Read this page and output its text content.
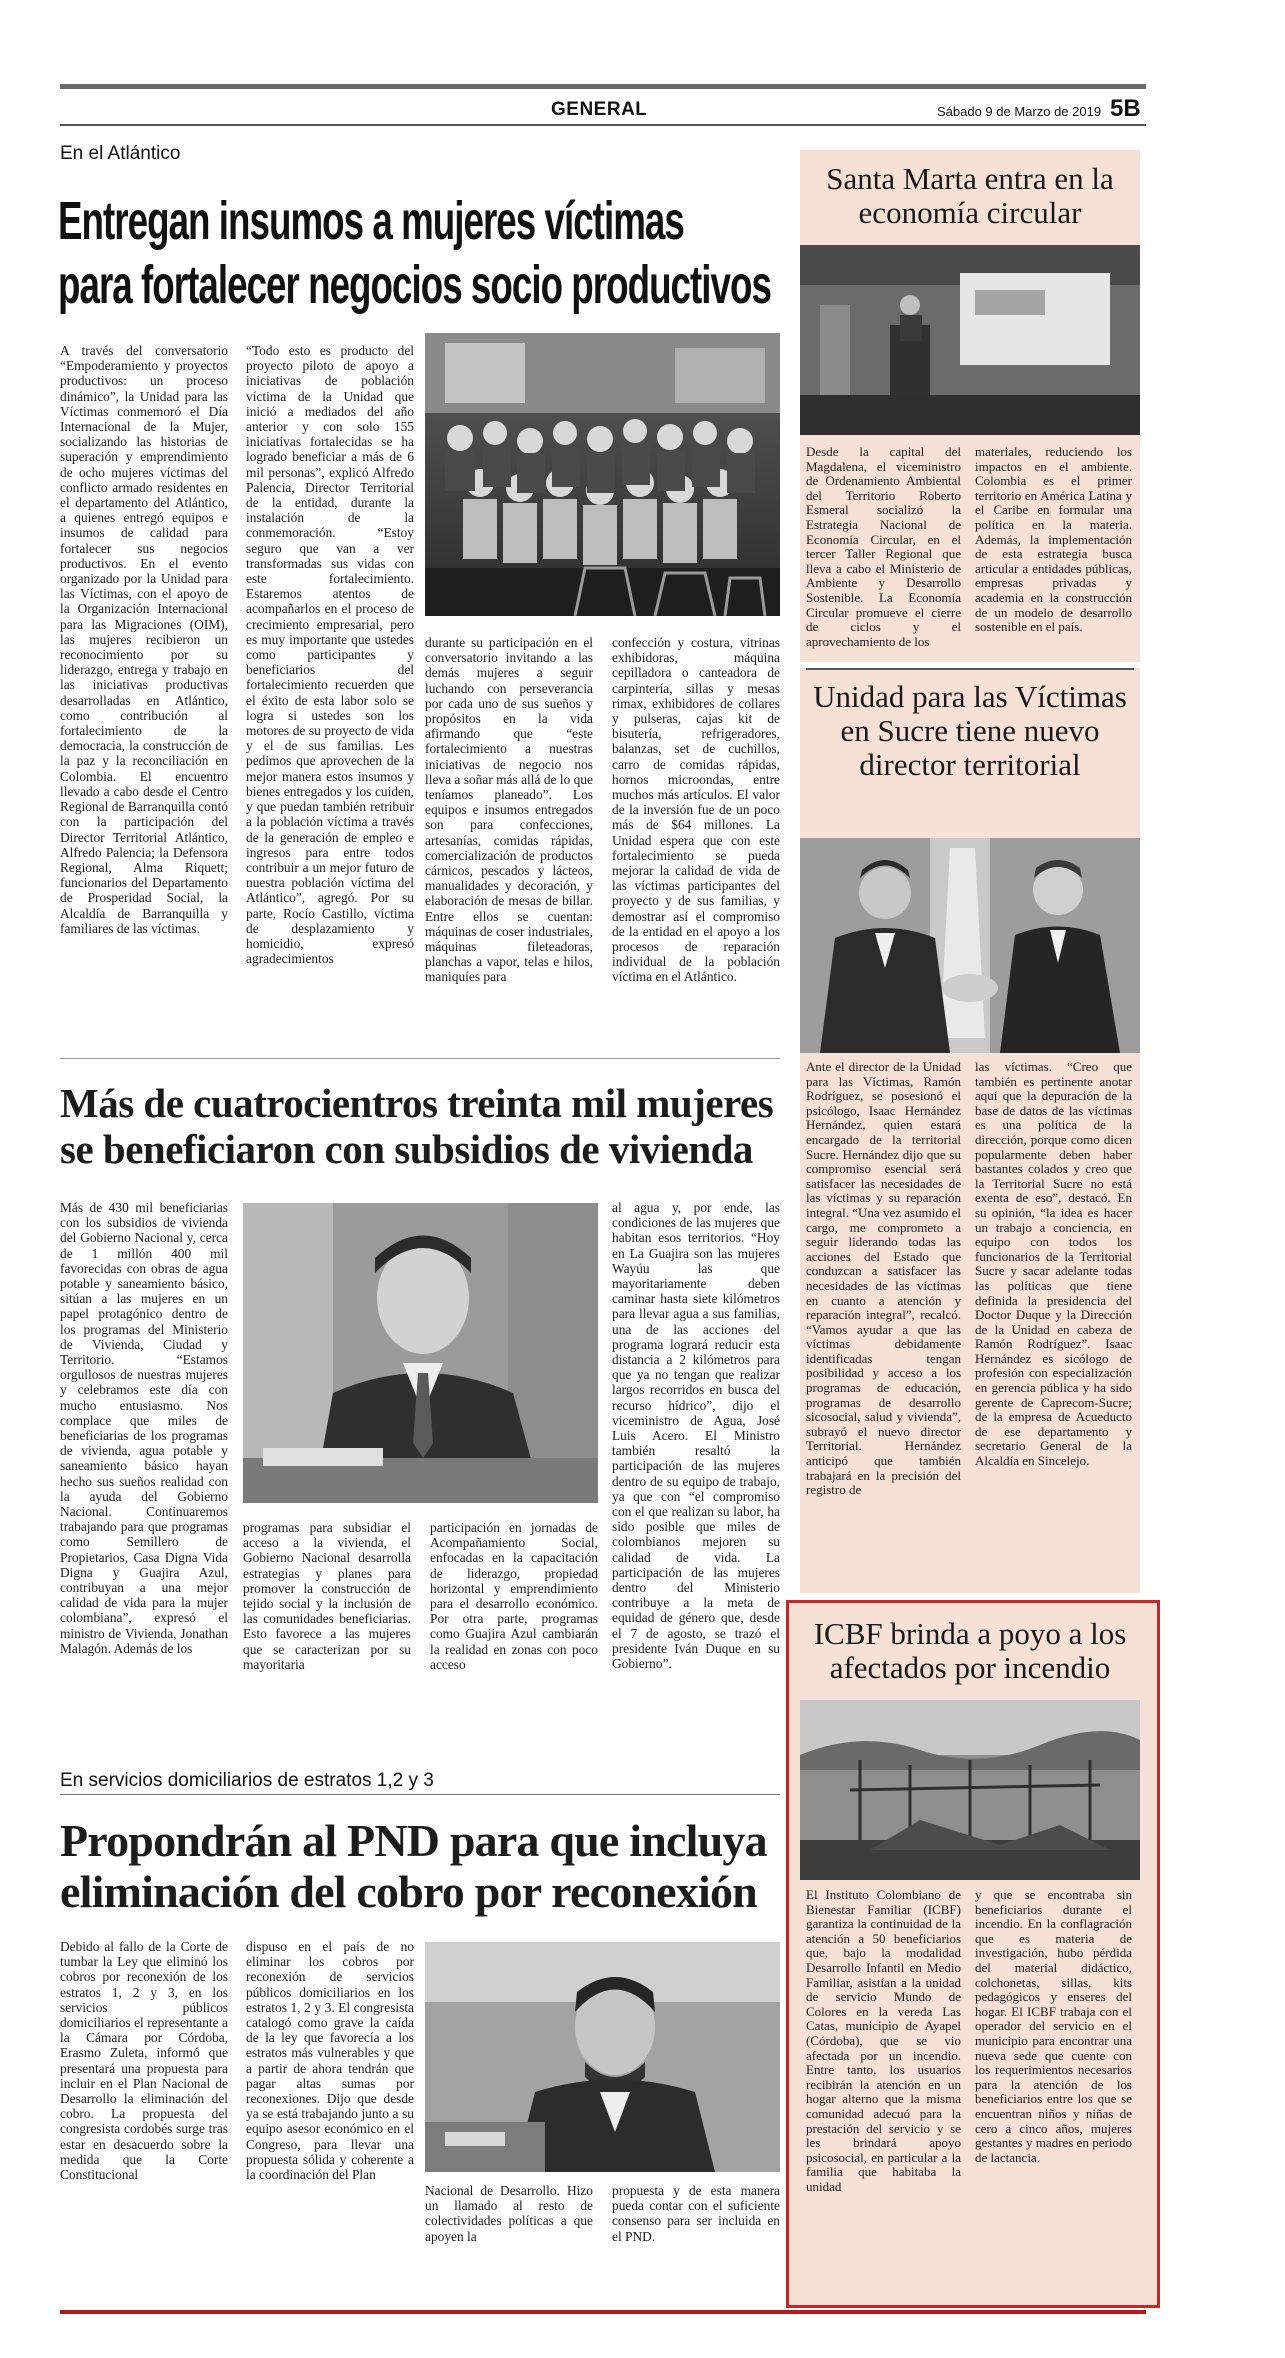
GENERAL	Sábado 9 de Marzo de 2019 5B
En el Atlántico
Entregan insumos a mujeres víctimas
para fortalecer negocios socio productivos

A través del conversatorio “Empoderamiento y proyectos productivos: un proceso dinámico”, la Unidad para las Víctimas conmemoró el Día Internacional de la Mujer, socializando las historias de superación y emprendimiento de ocho mujeres víctimas del conflicto armado residentes en el departamento del Atlántico, a quienes entregó equipos e insumos de calidad para fortalecer sus negocios productivos. En el evento organizado por la Unidad para las Víctimas, con el apoyo de la Organización Internacional para las Migraciones (OIM), las mujeres recibieron un reconocimiento por su liderazgo, entrega y trabajo en las iniciativas productivas desarrolladas en Atlántico, como contribución al fortalecimiento de la democracia, la construcción de la paz y la reconciliación en Colombia. El encuentro llevado a cabo desde el Centro Regional de Barranquilla contó con la participación del Director Territorial Atlántico, Alfredo Palencia; la Defensora Regional, Alma Riquett; funcionarios del Departamento de Prosperidad Social, la Alcaldía de Barranquilla y familiares de las víctimas.

“Todo esto es producto del proyecto piloto de apoyo a iniciativas de población víctima de la Unidad que inició a mediados del año anterior y con solo 155 iniciativas fortalecidas se ha logrado beneficiar a más de 6 mil personas”, explicó Alfredo Palencia, Director Territorial de la entidad, durante la instalación de la conmemoración. “Estoy seguro que van a ver transformadas sus vidas con este fortalecimiento. Estaremos atentos de acompañarlos en el proceso de crecimiento empresarial, pero es muy importante que ustedes como participantes y beneficiarios del fortalecimiento recuerden que el éxito de esta labor solo se logra si ustedes son los motores de su proyecto de vida y el de sus familias. Les pedimos que aprovechen de la mejor manera estos insumos y bienes entregados y los cuiden, y que puedan también retribuir a la población víctima a través de la generación de empleo e ingresos para entre todos contribuir a un mejor futuro de nuestra población víctima del Atlántico”, agregó. Por su parte, Rocío Castillo, víctima de desplazamiento y homicidio, expresó agradecimientos

durante su participación en el conversatorio invitando a las demás mujeres a seguir luchando con perseverancia por cada uno de sus sueños y propósitos en la vida afirmando que “este fortalecimiento a nuestras iniciativas de negocio nos lleva a soñar más allá de lo que teníamos planeado”. Los equipos e insumos entregados son para confecciones, artesanías, comidas rápidas, comercialización de productos cárnicos, pescados y lácteos, manualidades y decoración, y elaboración de mesas de billar. Entre ellos se cuentan: máquinas de coser industriales, máquinas fileteadoras, planchas a vapor, telas e hilos, maniquíes para

confección y costura, vitrinas exhibidoras, máquina cepilladora o canteadora de carpintería, sillas y mesas rimax, exhibidores de collares y pulseras, cajas kit de bisutería, refrigeradores, balanzas, set de cuchillos, carro de comidas rápidas, hornos microondas, entre muchos más artículos. El valor de la inversión fue de un poco más de $64 millones. La Unidad espera que con este fortalecimiento se pueda mejorar la calidad de vida de las víctimas participantes del proyecto y de sus familias, y demostrar así el compromiso de la entidad en el apoyo a los procesos de reparación individual de la población víctima en el Atlántico.

Más de cuatrocientros treinta mil mujeres
se beneficiaron con subsidios de vivienda

Más de 430 mil beneficiarias con los subsidios de vivienda del Gobierno Nacional y, cerca de 1 millón 400 mil favorecidas con obras de agua potable y saneamiento básico, sitúan a las mujeres en un papel protagónico dentro de los programas del Ministerio de Vivienda, Ciudad y Territorio. “Estamos orgullosos de nuestras mujeres y celebramos este día con mucho entusiasmo. Nos complace que miles de beneficiarias de los programas de vivienda, agua potable y saneamiento básico hayan hecho sus sueños realidad con la ayuda del Gobierno Nacional. Continuaremos trabajando para que programas como Semillero de Propietarios, Casa Digna Vida Digna y Guajira Azul, contribuyan a una mejor calidad de vida para la mujer colombiana”, expresó el ministro de Vivienda, Jonathan Malagón. Además de los

programas para subsidiar el acceso a la vivienda, el Gobierno Nacional desarrolla estrategias y planes para promover la construcción de tejido social y la inclusión de las comunidades beneficiarias. Esto favorece a las mujeres que se caracterizan por su mayoritaria

participación en jornadas de Acompañamiento Social, enfocadas en la capacitación de liderazgo, propiedad horizontal y emprendimiento para el desarrollo económico. Por otra parte, programas como Guajira Azul cambiarán la realidad en zonas con poco acceso

al agua y, por ende, las condiciones de las mujeres que habitan esos territorios. “Hoy en La Guajira son las mujeres Wayúu las que mayoritariamente deben caminar hasta siete kilómetros para llevar agua a sus familias, una de las acciones del programa logrará reducir esta distancia a 2 kilómetros para que ya no tengan que realizar largos recorridos en busca del recurso hídrico”, dijo el viceministro de Agua, José Luis Acero. El Ministro también resaltó la participación de las mujeres dentro de su equipo de trabajo, ya que con “el compromiso con el que realizan su labor, ha sido posible que miles de colombianos mejoren su calidad de vida. La participación de las mujeres dentro del Ministerio contribuye a la meta de equidad de género que, desde el 7 de agosto, se trazó el presidente Iván Duque en su Gobierno”.

En servicios domiciliarios de estratos 1,2 y 3
Propondrán al PND para que incluya
eliminación del cobro por reconexión

Debido al fallo de la Corte de tumbar la Ley que eliminó los cobros por reconexión de los estratos 1, 2 y 3, en los servicios públicos domiciliarios el representante a la Cámara por Córdoba, Erasmo Zuleta, informó que presentará una propuesta para incluir en el Plan Nacional de Desarrollo la eliminación del cobro. La propuesta del congresista cordobés surge tras estar en desacuerdo sobre la medida que la Corte Constitucional

dispuso en el país de no eliminar los cobros por reconexión de servicios públicos domiciliarios en los estratos 1, 2 y 3. El congresista catalogó como grave la caída de la ley que favorecía a los estratos más vulnerables y que a partir de ahora tendrán que pagar altas sumas por reconexiones. Dijo que desde ya se está trabajando junto a su equipo asesor económico en el Congreso, para llevar una propuesta sólida y coherente a la coordinación del Plan

Nacional de Desarrollo. Hizo un llamado al resto de colectividades políticas a que apoyen la

propuesta y de esta manera pueda contar con el suficiente consenso para ser incluida en el PND.

Santa Marta entra en la economía circular

Desde la capital del Magdalena, el viceministro de Ordenamiento Ambiental del Territorio Roberto Esmeral socializó la Estrategia Nacional de Economía Circular, en el tercer Taller Regional que lleva a cabo el Ministerio de Ambiente y Desarrollo Sostenible. La Economía Circular promueve el cierre de ciclos y el aprovechamiento de los

materiales, reduciendo los impactos en el ambiente. Colombia es el primer territorio en América Latina y el Caribe en formular una política en la materia. Además, la implementación de esta estrategia busca articular a entidades públicas, empresas privadas y academia en la construcción de un modelo de desarrollo sostenible en el país.

Unidad para las Víctimas en Sucre tiene nuevo director territorial

Ante el director de la Unidad para las Víctimas, Ramón Rodríguez, se posesionó el psicólogo, Isaac Hernández Hernández, quien estará encargado de la territorial Sucre. Hernández dijo que su compromiso esencial será satisfacer las necesidades de las víctimas y su reparación integral. “Una vez asumido el cargo, me comprometo a seguir liderando todas las acciones del Estado que conduzcan a satisfacer las necesidades de las víctimas en cuanto a atención y reparación integral”, recalcó. “Vamos ayudar a que las víctimas debidamente identificadas tengan posibilidad y acceso a los programas de educación, programas de desarrollo sicosocial, salud y vivienda”, subrayó el nuevo director Territorial. Hernández anticipó que también trabajará en la precisión del registro de

las víctimas. “Creo que también es pertinente anotar aquí que la depuración de la base de datos de las víctimas es una política de la dirección, porque como dicen popularmente deben haber bastantes colados y creo que la Territorial Sucre no está exenta de eso”, destacó. En su opinión, “la idea es hacer un trabajo a conciencia, en equipo con todos los funcionarios de la Territorial Sucre y sacar adelante todas las políticas que tiene definida la presidencia del Doctor Duque y la Dirección de la Unidad en cabeza de Ramón Rodríguez”. Isaac Hernández es sicólogo de profesión con especialización en gerencia pública y ha sido gerente de Caprecom-Sucre; de la empresa de Acueducto de ese departamento y secretario General de la Alcaldía en Sincelejo.

ICBF brinda a poyo a los afectados por incendio

El Instituto Colombiano de Bienestar Familiar (ICBF) garantiza la continuidad de la atención a 50 beneficiarios que, bajo la modalidad Desarrollo Infantil en Medio Familiar, asistían a la unidad de servicio Mundo de Colores en la vereda Las Catas, municipio de Ayapel (Córdoba), que se vio afectada por un incendio. Entre tanto, los usuarios recibirán la atención en un hogar alterno que la misma comunidad adecuó para la prestación del servicio y se les brindará apoyo psicosocial, en particular a la familia que habitaba la unidad

y que se encontraba sin beneficiarios durante el incendio. En la conflagración que es materia de investigación, hubo pérdida del material didáctico, colchonetas, sillas, kits pedagógicos y enseres del hogar. El ICBF trabaja con el operador del servicio en el municipio para encontrar una nueva sede que cuente con los requerimientos necesarios para la atención de los beneficiarios entre los que se encuentran niños y niñas de cero a cinco años, mujeres gestantes y madres en periodo de lactancia.
